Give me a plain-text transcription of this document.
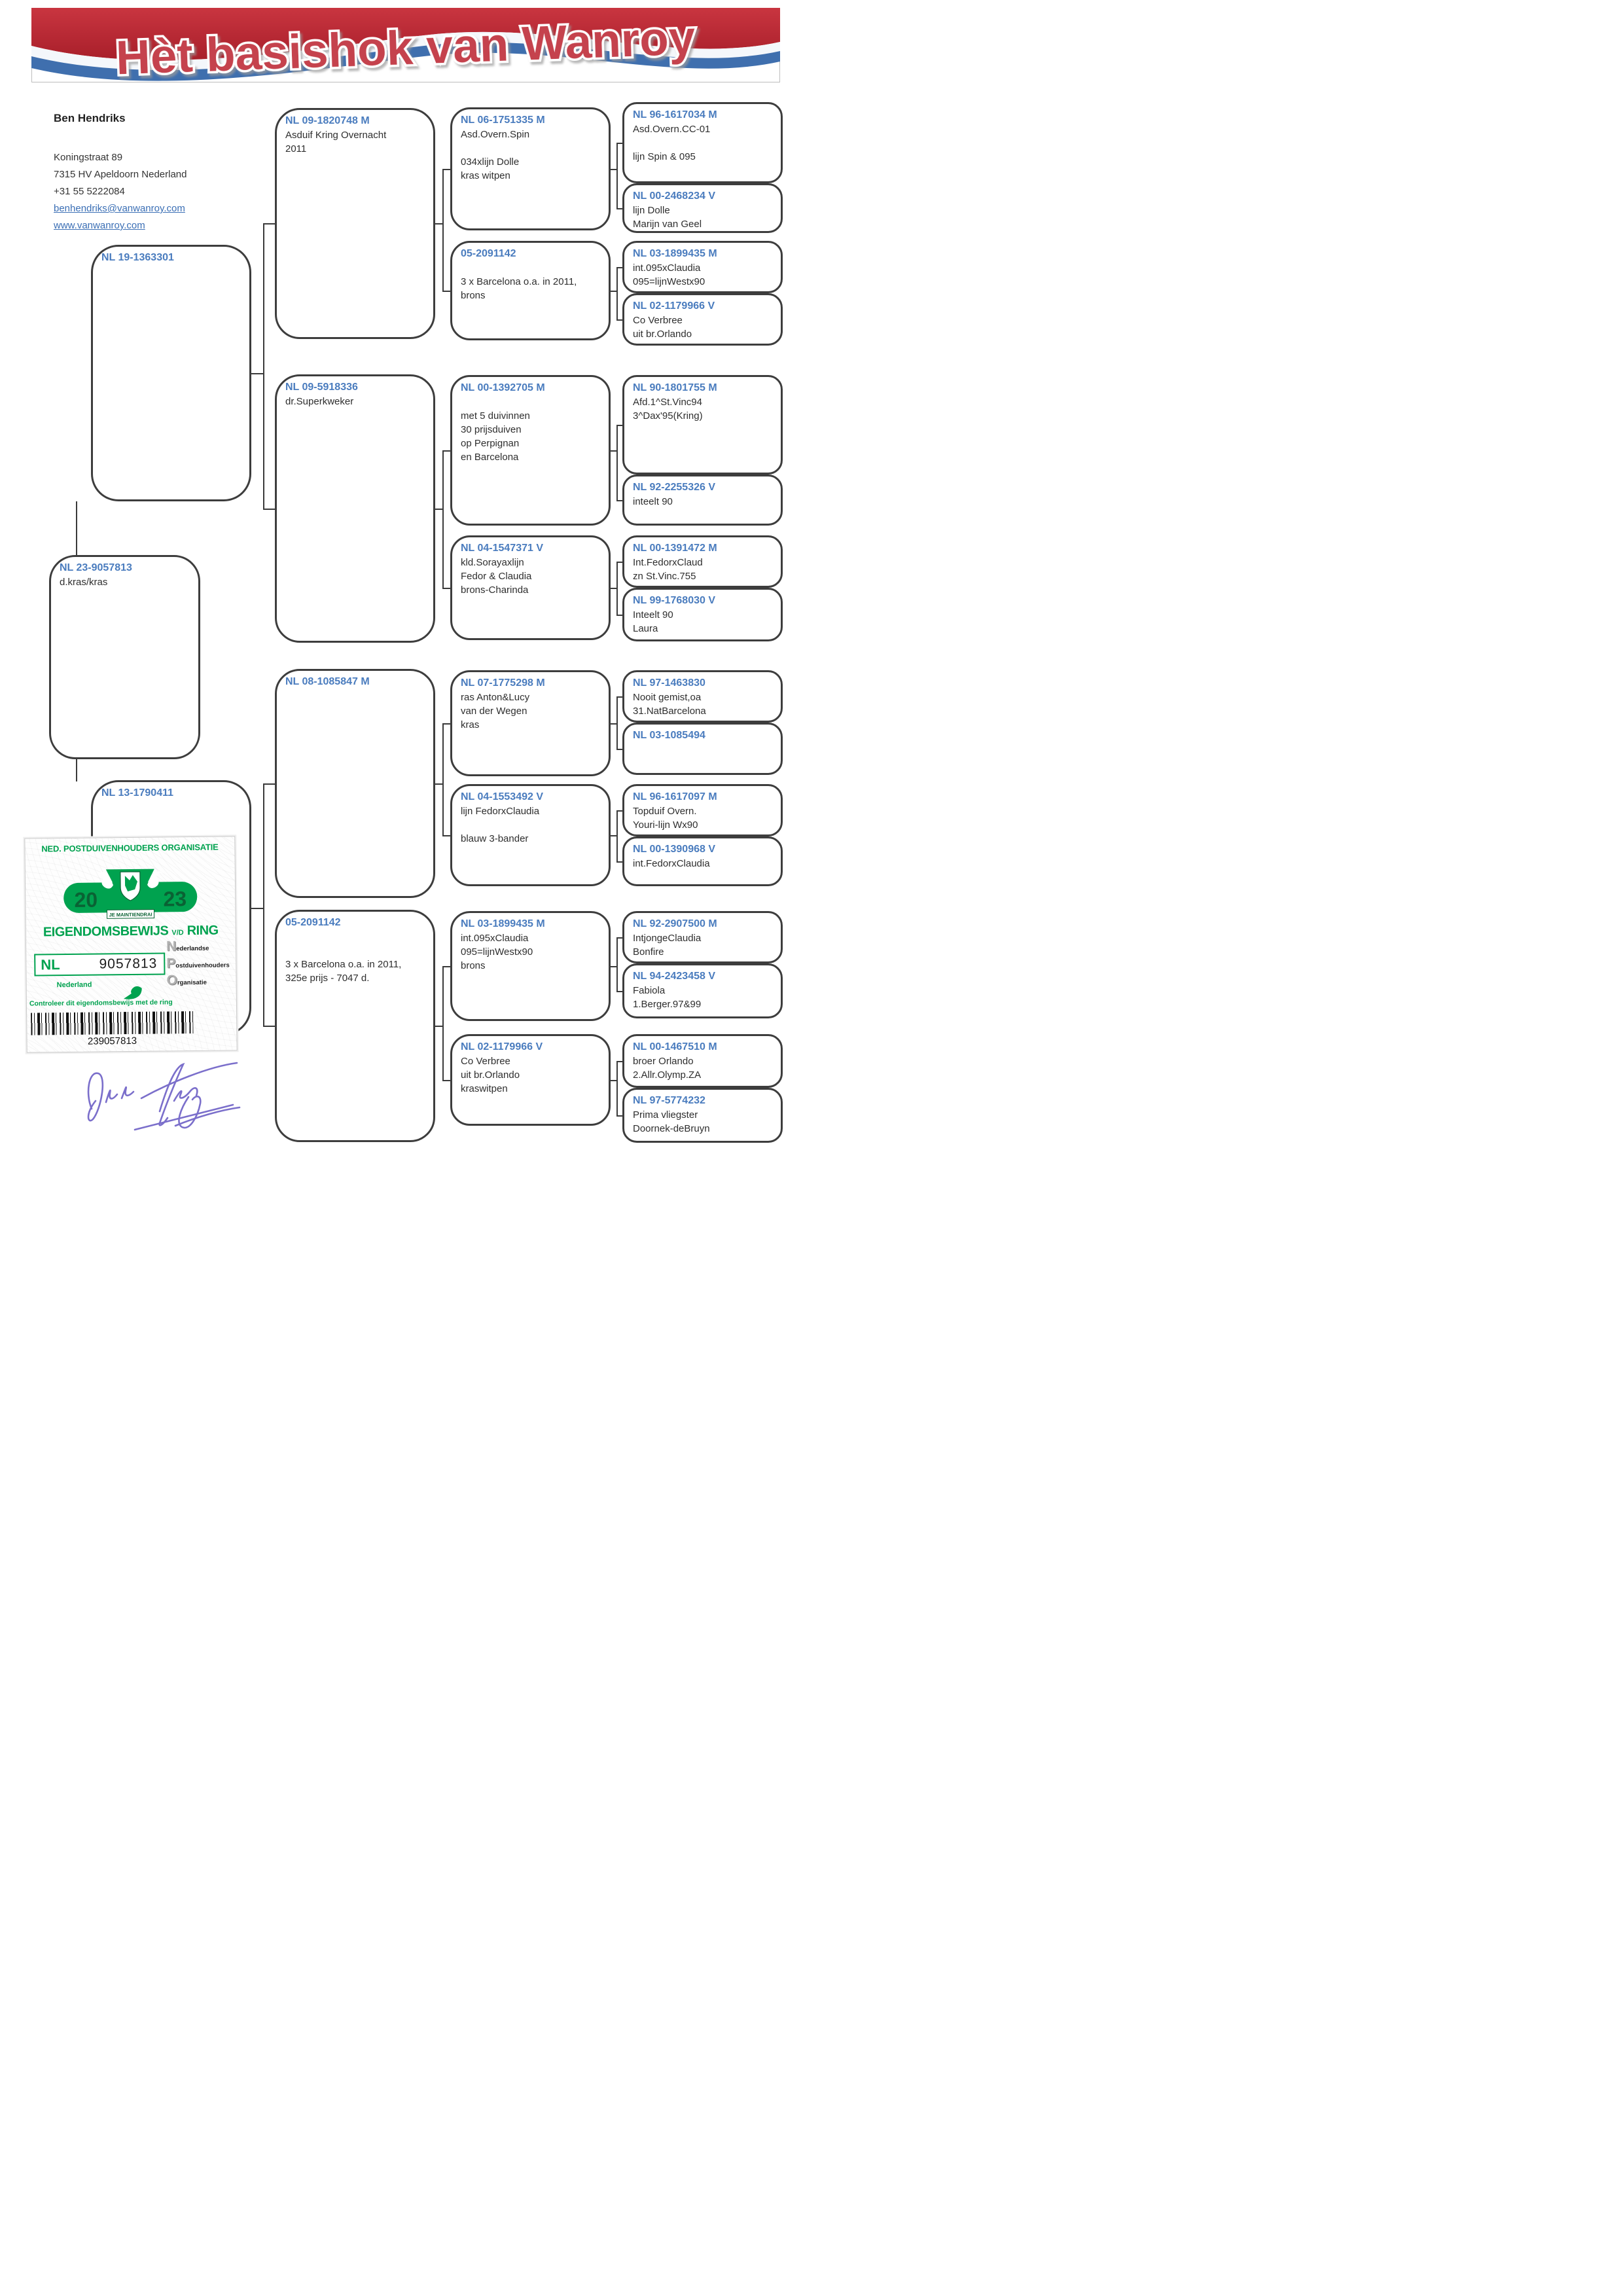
Hèt basishok van Wanroy
Ben Hendriks
Koningstraat 89
7315 HV Apeldoorn Nederland
+31 55 5222084
benhendriks@vanwanroy.com
www.vanwanroy.com
NL 19-1363301
NL 23-9057813
d.kras/kras
NL 13-1790411
NL 09-1820748 M
Asduif Kring Overnacht
2011
NL 09-5918336
dr.Superkweker
NL 08-1085847 M
05-2091142
3 x Barcelona o.a. in 2011,
325e prijs - 7047 d.
NL 06-1751335 M
Asd.Overn.Spin
034xlijn Dolle
kras witpen
05-2091142
3 x Barcelona o.a. in 2011,
brons
NL 00-1392705 M
met 5 duivinnen
30 prijsduiven
op Perpignan
en Barcelona
NL 04-1547371 V
kld.Sorayaxlijn
Fedor & Claudia
brons-Charinda
NL 07-1775298 M
ras Anton&Lucy
van der Wegen
kras
NL 04-1553492 V
lijn FedorxClaudia
blauw 3-bander
NL 03-1899435 M
int.095xClaudia
095=lijnWestx90
brons
NL 02-1179966 V
Co Verbree
uit br.Orlando
kraswitpen
NL 96-1617034 M
Asd.Overn.CC-01
lijn Spin & 095
NL 00-2468234 V
lijn Dolle
Marijn van Geel
NL 03-1899435 M
int.095xClaudia
095=lijnWestx90
NL 02-1179966 V
Co Verbree
uit br.Orlando
NL 90-1801755 M
Afd.1^St.Vinc94
3^Dax'95(Kring)
NL 92-2255326 V
inteelt 90
NL 00-1391472 M
Int.FedorxClaud
zn St.Vinc.755
NL 99-1768030 V
Inteelt 90
Laura
NL 97-1463830
Nooit gemist,oa
31.NatBarcelona
NL 03-1085494
NL 96-1617097 M
Topduif Overn.
Youri-lijn Wx90
NL 00-1390968 V
int.FedorxClaudia
NL 92-2907500 M
IntjongeClaudia
Bonfire
NL 94-2423458 V
Fabiola
1.Berger.97&99
NL 00-1467510 M
broer Orlando
2.Allr.Olymp.ZA
NL 97-5774232
Prima vliegster
Doornek-deBruyn
NED. POSTDUIVENHOUDERS ORGANISATIE
20	23
JE MAINTIENDRAI
EIGENDOMSBEWIJS V/D RING
NL	9057813
Nederland
N ederlandse
P ostduivenhouders
O rganisatie
Controleer dit eigendomsbewijs met de ring
239057813
